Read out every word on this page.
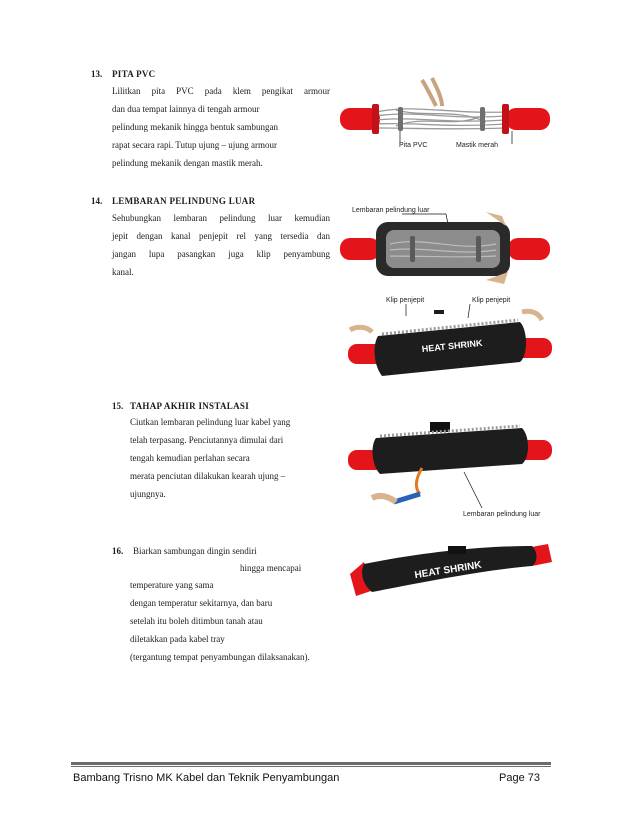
13. PITA PVC
Lilitkan pita PVC pada klem pengikat armour
dan dua tempat lainnya di tengah armour
pelindung mekanik hingga bentuk sambungan
rapat secara rapi. Tutup ujung – ujung armour
pelindung mekanik dengan mastik merah.
Pita PVC	Mastik merah
14. LEMBARAN PELINDUNG LUAR
Sehubungkan lembaran pelindung luar kemudian
jepit dengan kanal penjepit rel yang tersedia dan
jangan lupa pasangkan juga klip penyambung
kanal.
Lembaran pelindung luar
Klip penjepit	Klip penjepit
HEAT SHRINK
15. TAHAP AKHIR INSTALASI
Ciutkan lembaran pelindung luar kabel yang
telah terpasang. Penciutannya dimulai dari
tengah kemudian perlahan secara
merata penciutan dilakukan kearah ujung –
ujungnya.
Lembaran pelindung luar
16. Biarkan sambungan dingin sendiri
hingga mencapai
temperature yang sama
dengan temperatur sekitarnya, dan baru
setelah itu boleh ditimbun tanah atau
diletakkan pada kabel tray
(tergantung tempat penyambungan dilaksanakan).
HEAT SHRINK
Bambang Trisno MK Kabel dan Teknik Penyambungan	Page 73
